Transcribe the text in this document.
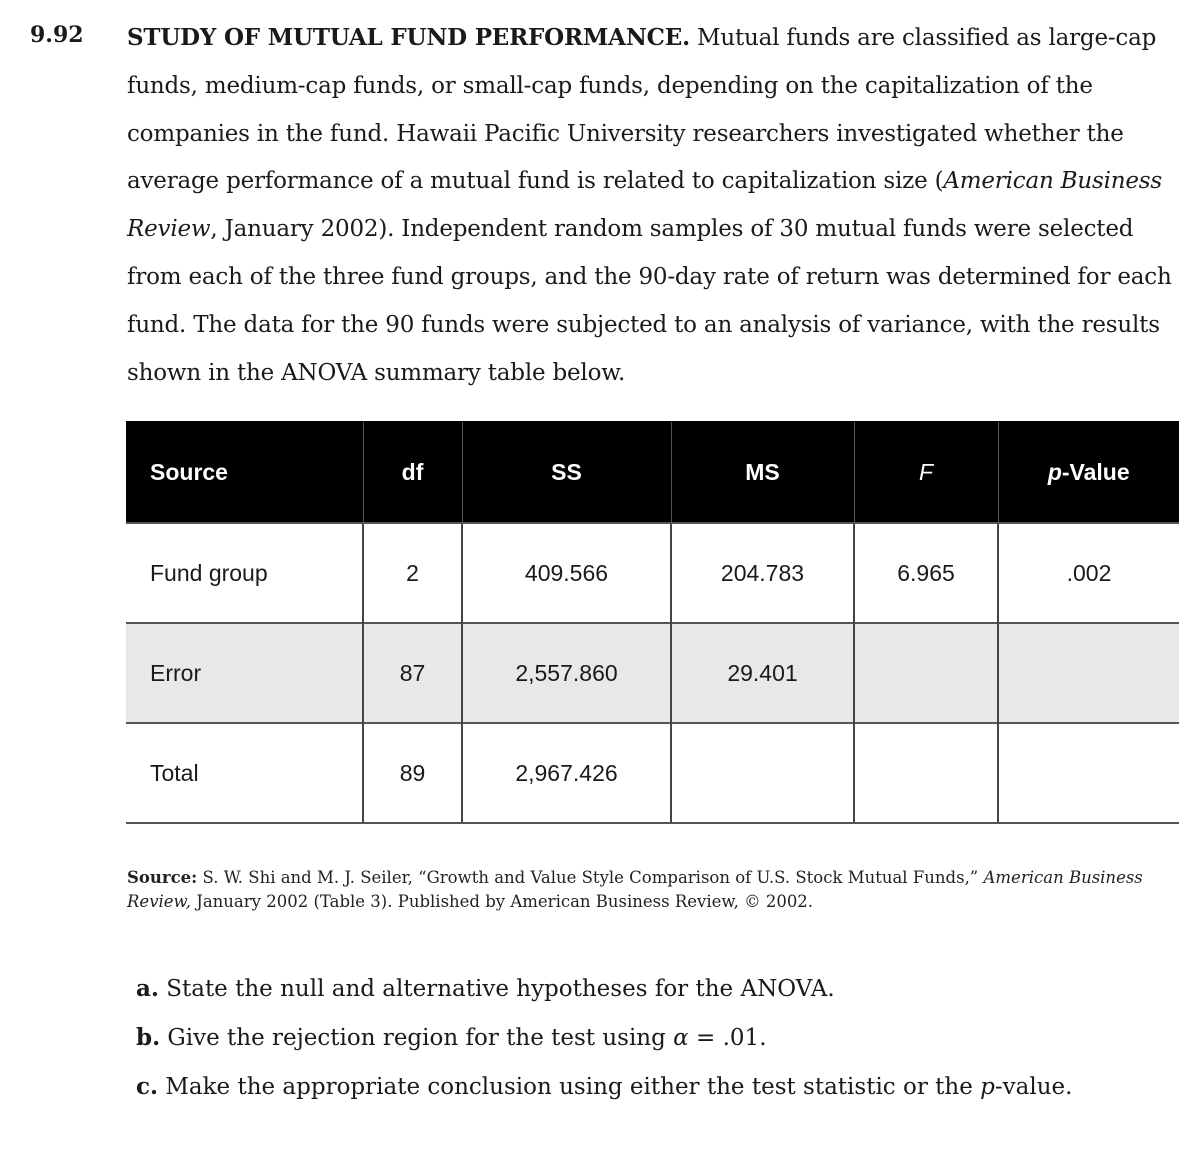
9.92 STUDY OF MUTUAL FUND PERFORMANCE. Mutual funds are classified as large-cap funds, medium-cap funds, or small-cap funds, depending on the capitalization of the companies in the fund. Hawaii Pacific University researchers investigated whether the average performance of a mutual fund is related to capitalization size (American Business Review, January 2002). Independent random samples of 30 mutual funds were selected from each of the three fund groups, and the 90-day rate of return was determined for each fund. The data for the 90 funds were subjected to an analysis of variance, with the results shown in the ANOVA summary table below.
Source	df	SS	MS	F	p-Value
Fund group	2	409.566	204.783	6.965	.002
Error	87	2,557.860	29.401		
Total	89	2,967.426			
Source: S. W. Shi and M. J. Seiler, “Growth and Value Style Comparison of U.S. Stock Mutual Funds,” American Business Review, January 2002 (Table 3). Published by American Business Review, © 2002.
a. State the null and alternative hypotheses for the ANOVA.
b. Give the rejection region for the test using α = .01.
c. Make the appropriate conclusion using either the test statistic or the p-value.
